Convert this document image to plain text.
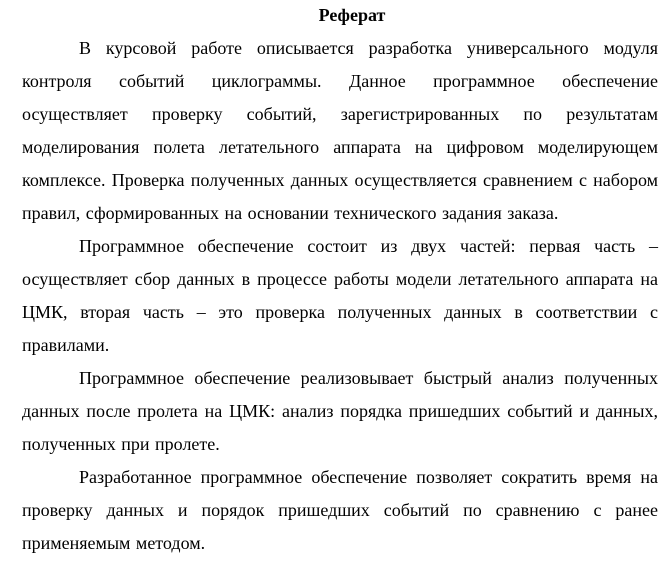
Реферат

В курсовой работе описывается разработка универсального модуля контроля событий циклограммы. Данное программное обеспечение осуществляет проверку событий, зарегистрированных по результатам моделирования полета летательного аппарата на цифровом моделирующем комплексе. Проверка полученных данных осуществляется сравнением с набором правил, сформированных на основании технического задания заказа.

Программное обеспечение состоит из двух частей: первая часть – осуществляет сбор данных в процессе работы модели летательного аппарата на ЦМК, вторая часть – это проверка полученных данных в соответствии с правилами.

Программное обеспечение реализовывает быстрый анализ полученных данных после пролета на ЦМК: анализ порядка пришедших событий и данных, полученных при пролете.

Разработанное программное обеспечение позволяет сократить время на проверку данных и порядок пришедших событий по сравнению с ранее применяемым методом.
